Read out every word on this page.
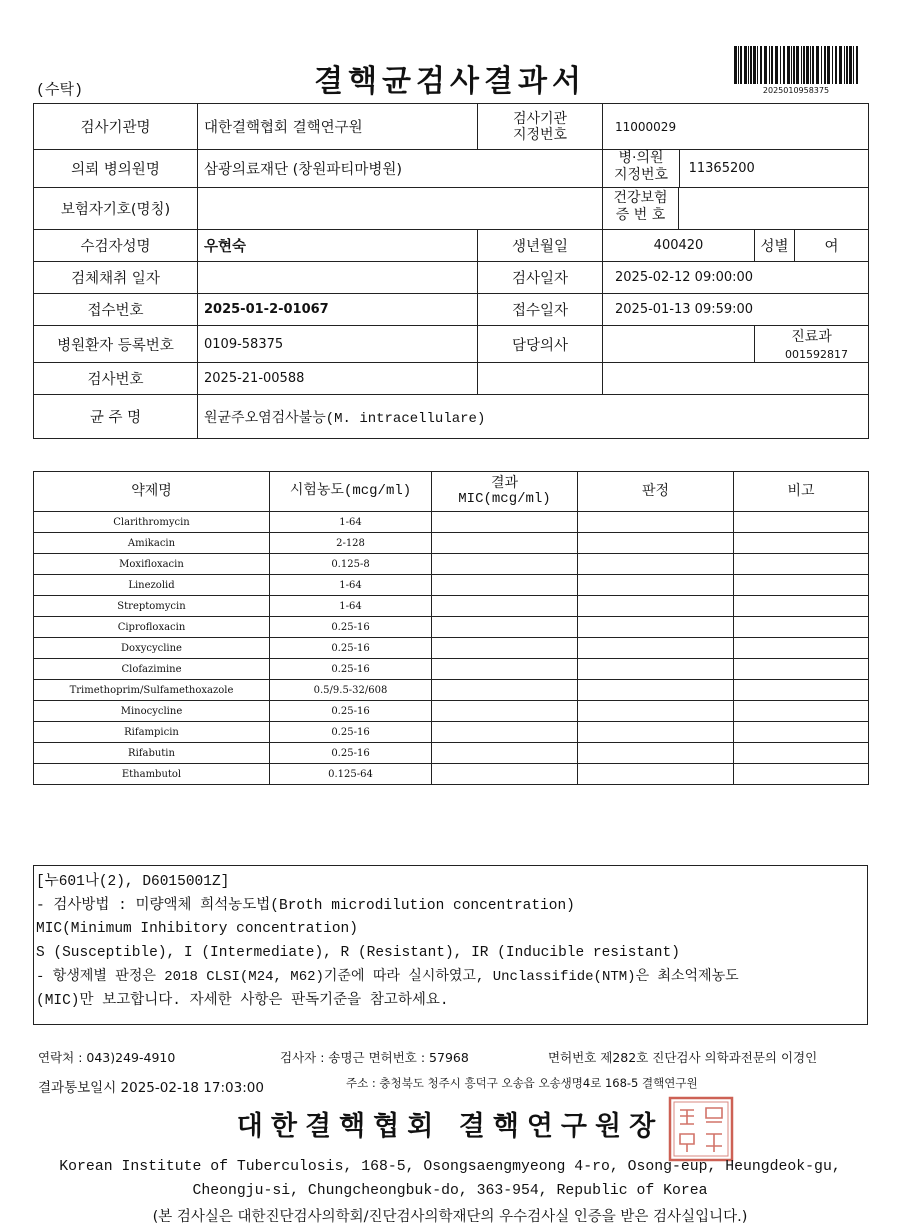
(수탁)	결핵균검사결과서	2025010958375
검사기관명	대한결핵협회 결핵연구원	검사기관
지정번호	11000029		
의뢰 병의원명	삼광의료재단 (창원파티마병원)		병·의원
지정번호 11365200		
보험자기호(명칭)			건강보험
증 번 호		
수검자성명	우현숙	생년월일	400420	성별	여
검체채취 일자		검사일자	2025-02-12 09:00:00		
접수번호	2025-01-2-01067	접수일자	2025-01-13 09:59:00		
병원환자 등록번호	0109-58375	담당의사		진료과001592817	
검사번호	2025-21-00588				
균 주 명	원균주오염검사불능(M. intracellulare)				
약제명	시험농도(mcg/ml)	결과
MIC(mcg/ml)	판정	비고
Clarithromycin	1-64			
Amikacin	2-128			
Moxifloxacin	0.125-8			
Linezolid	1-64			
Streptomycin	1-64			
Ciprofloxacin	0.25-16			
Doxycycline	0.25-16			
Clofazimine	0.25-16			
Trimethoprim/Sulfamethoxazole	0.5/9.5-32/608			
Minocycline	0.25-16			
Rifampicin	0.25-16			
Rifabutin	0.25-16			
Ethambutol	0.125-64			
[누601나(2), D6015001Z]
- 검사방법 : 미량액체 희석농도법(Broth microdilution concentration)
MIC(Minimum Inhibitory concentration)
S (Susceptible), I (Intermediate), R (Resistant), IR (Inducible resistant)
- 항생제별 판정은 2018 CLSI(M24, M62)기준에 따라 실시하였고, Unclassifide(NTM)은 최소억제농도
(MIC)만 보고합니다. 자세한 사항은 판독기준을 참고하세요.
연락처 : 043)249-4910	검사자 : 송명근 면허번호 : 57968	면허번호 제282호 진단검사 의학과전문의 이경인
결과통보일시 2025-02-18 17:03:00	주소 : 충청북도 청주시 흥덕구 오송읍 오송생명4로 168-5 결핵연구원
대한결핵협회 결핵연구원장
Korean Institute of Tuberculosis, 168-5, Osongsaengmyeong 4-ro, Osong-eup, Heungdeok-gu,
Cheongju-si, Chungcheongbuk-do, 363-954, Republic of Korea
(본 검사실은 대한진단검사의학회/진단검사의학재단의 우수검사실 인증을 받은 검사실입니다.)
